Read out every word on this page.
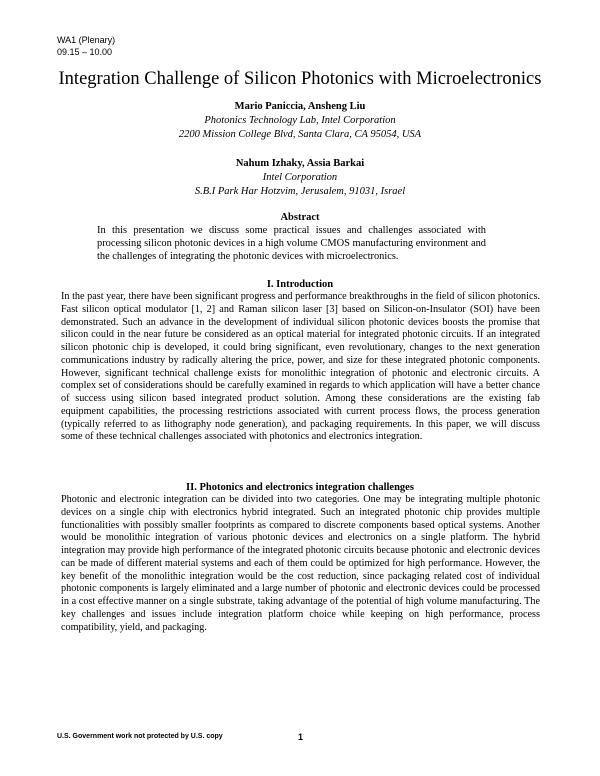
WA1 (Plenary)
09.15 – 10.00
Integration Challenge of Silicon Photonics with Microelectronics
Mario Paniccia, Ansheng Liu
Photonics Technology Lab, Intel Corporation
2200 Mission College Blvd, Santa Clara, CA 95054, USA
Nahum Izhaky, Assia Barkai
Intel Corporation
S.B.I Park Har Hotzvim, Jerusalem, 91031, Israel
Abstract

In this presentation we discuss some practical issues and challenges associated with processing silicon photonic devices in a high volume CMOS manufacturing environment and the challenges of integrating the photonic devices with microelectronics.

I. Introduction

In the past year, there have been significant progress and performance breakthroughs in the field of silicon photonics. Fast silicon optical modulator [1, 2] and Raman silicon laser [3] based on Silicon-on-Insulator (SOI) have been demonstrated. Such an advance in the development of individual silicon photonic devices boosts the promise that silicon could in the near future be considered as an optical material for integrated photonic circuits. If an integrated silicon photonic chip is developed, it could bring significant, even revolutionary, changes to the next generation communications industry by radically altering the price, power, and size for these integrated photonic components. However, significant technical challenge exists for monolithic integration of photonic and electronic circuits. A complex set of considerations should be carefully examined in regards to which application will have a better chance of success using silicon based integrated product solution. Among these considerations are the existing fab equipment capabilities, the processing restrictions associated with current process flows, the process generation (typically referred to as lithography node generation), and packaging requirements. In this paper, we will discuss some of these technical challenges associated with photonics and electronics integration.

II. Photonics and electronics integration challenges

Photonic and electronic integration can be divided into two categories. One may be integrating multiple photonic devices on a single chip with electronics hybrid integrated. Such an integrated photonic chip provides multiple functionalities with possibly smaller footprints as compared to discrete components based optical systems. Another would be monolithic integration of various photonic devices and electronics on a single platform. The hybrid integration may provide high performance of the integrated photonic circuits because photonic and electronic devices can be made of different material systems and each of them could be optimized for high performance. However, the key benefit of the monolithic integration would be the cost reduction, since packaging related cost of individual photonic components is largely eliminated and a large number of photonic and electronic devices could be processed in a cost effective manner on a single substrate, taking advantage of the potential of high volume manufacturing. The key challenges and issues include integration platform choice while keeping on high performance, process compatibility, yield, and packaging.

U.S. Government work not protected by U.S. copy	1
